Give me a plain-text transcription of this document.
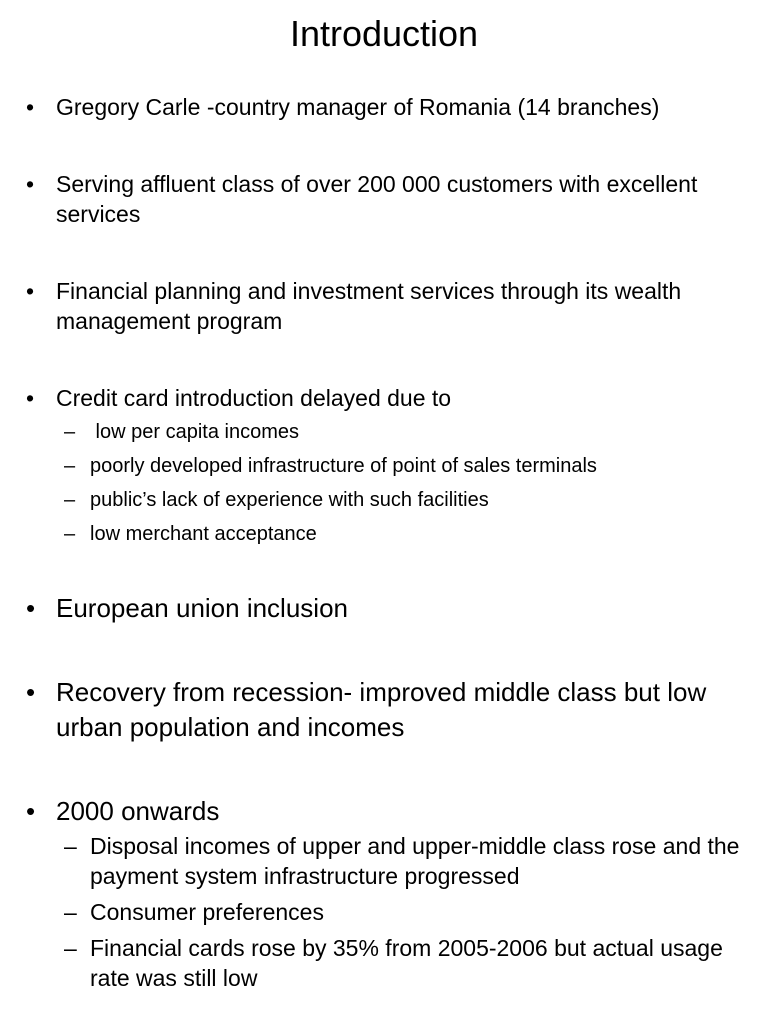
Introduction
• Gregory Carle -country manager of Romania (14 branches)
• Serving affluent class of over 200 000 customers with excellent services
• Financial planning and investment services through its wealth management program
• Credit card introduction delayed due to
– low per capita incomes
– poorly developed infrastructure of point of sales terminals
– public’s lack of experience with such facilities
– low merchant acceptance
• European union inclusion
• Recovery from recession- improved middle class but low urban population and incomes
• 2000 onwards
– Disposal incomes of upper and upper-middle class rose and the payment system infrastructure progressed
– Consumer preferences
– Financial cards rose by 35% from 2005-2006 but actual usage rate was still low
